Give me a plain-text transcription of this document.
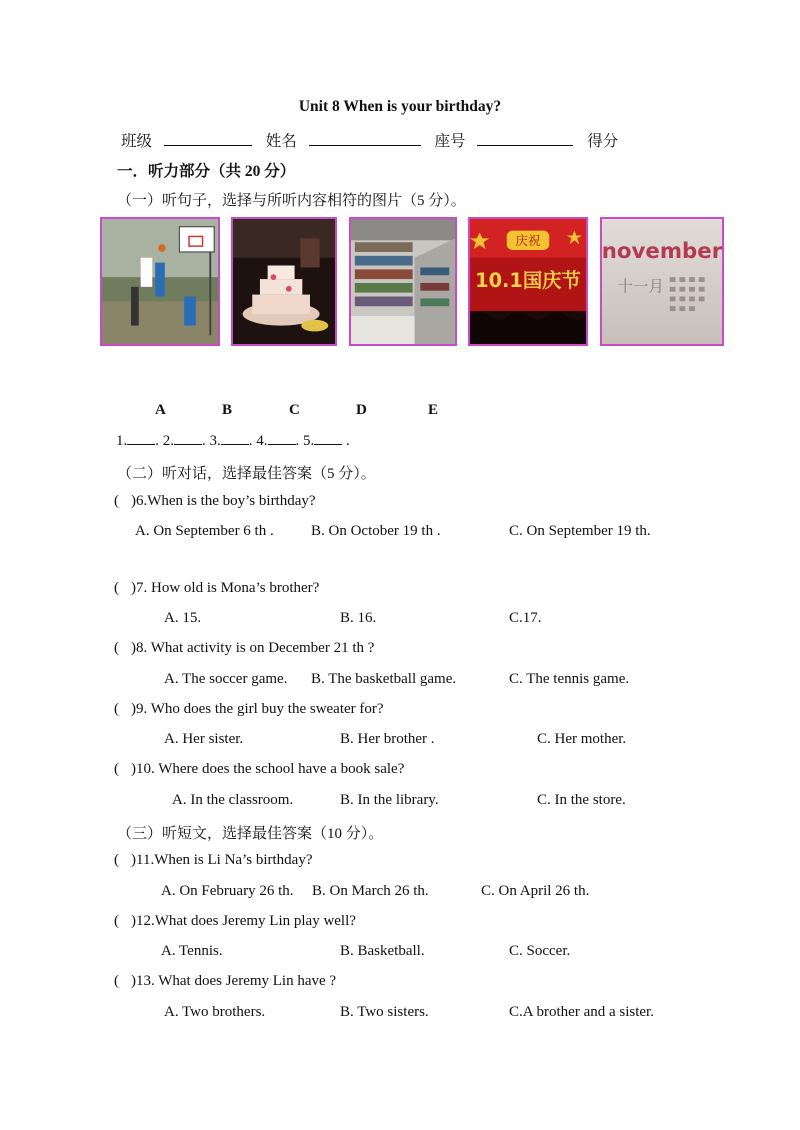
Unit 8 When is your birthday?
班级	姓名	座号	得分
一．听力部分（共 20 分）
（一）听句子，选择与所听内容相符的图片（5 分）。
庆祝
10.1国庆节
november
十一月
A	B	C	D	E
1. . 2. . 3. . 4. . 5. .
（二）听对话，选择最佳答案（5 分）。
( )6.When is the boy’s birthday?
A. On September 6 th . B. On October 19 th .	C. On September 19 th.
( )7. How old is Mona’s brother?
A. 15.	B. 16.	C.17.
( )8. What activity is on December 21 th ?
A. The soccer game. B. The basketball game.	C. The tennis game.
( )9. Who does the girl buy the sweater for?
A. Her sister.	B. Her brother .	C. Her mother.
( )10. Where does the school have a book sale?
A. In the classroom.	B. In the library.	C. In the store.
（三）听短文，选择最佳答案（10 分）。
( )11.When is Li Na’s birthday?
A. On February 26 th. B. On March 26 th.	C. On April 26 th.
( )12.What does Jeremy Lin play well?
A. Tennis.	B. Basketball.	C. Soccer.
( )13. What does Jeremy Lin have ?
A. Two brothers.	B. Two sisters.	C.A brother and a sister.
